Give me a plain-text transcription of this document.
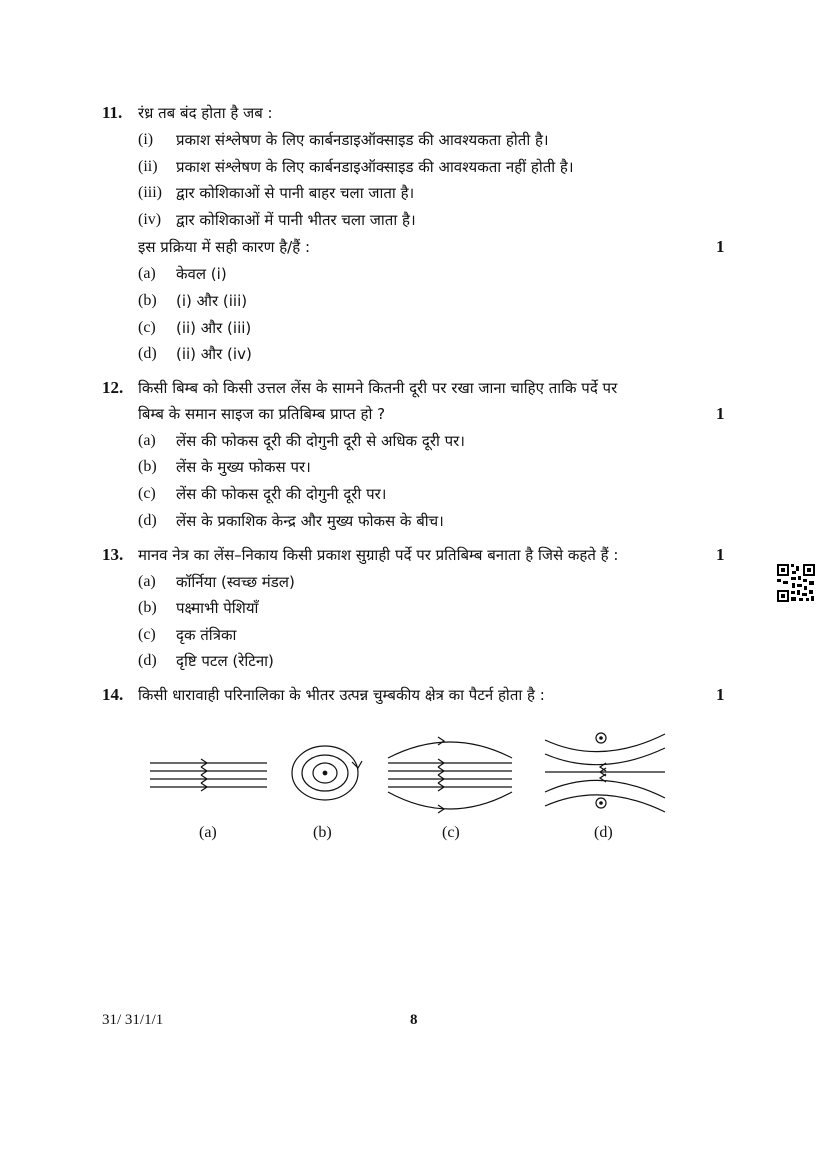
11. रंध्र तब बंद होता है जब :
(i) प्रकाश संश्लेषण के लिए कार्बनडाइऑक्साइड की आवश्यकता होती है।
(ii) प्रकाश संश्लेषण के लिए कार्बनडाइऑक्साइड की आवश्यकता नहीं होती है।
(iii) द्वार कोशिकाओं से पानी बाहर चला जाता है।
(iv) द्वार कोशिकाओं में पानी भीतर चला जाता है।
इस प्रक्रिया में सही कारण है/हैं :	1
(a) केवल (i)
(b) (i) और (iii)
(c) (ii) और (iii)
(d) (ii) और (iv)
12. किसी बिम्ब को किसी उत्तल लेंस के सामने कितनी दूरी पर रखा जाना चाहिए ताकि पर्दे पर
बिम्ब के समान साइज का प्रतिबिम्ब प्राप्त हो ?	1
(a) लेंस की फोकस दूरी की दोगुनी दूरी से अधिक दूरी पर।
(b) लेंस के मुख्य फोकस पर।
(c) लेंस की फोकस दूरी की दोगुनी दूरी पर।
(d) लेंस के प्रकाशिक केन्द्र और मुख्य फोकस के बीच।
13. मानव नेत्र का लेंस–निकाय किसी प्रकाश सुग्राही पर्दे पर प्रतिबिम्ब बनाता है जिसे कहते हैं :	1
(a) कॉर्निया (स्वच्छ मंडल)
(b) पक्ष्माभी पेशियाँ
(c) दृक तंत्रिका
(d) दृष्टि पटल (रेटिना)
14. किसी धारावाही परिनालिका के भीतर उत्पन्न चुम्बकीय क्षेत्र का पैटर्न होता है :	1
(a)	(b)	(c)	(d)
31/ 31/1/1	8
